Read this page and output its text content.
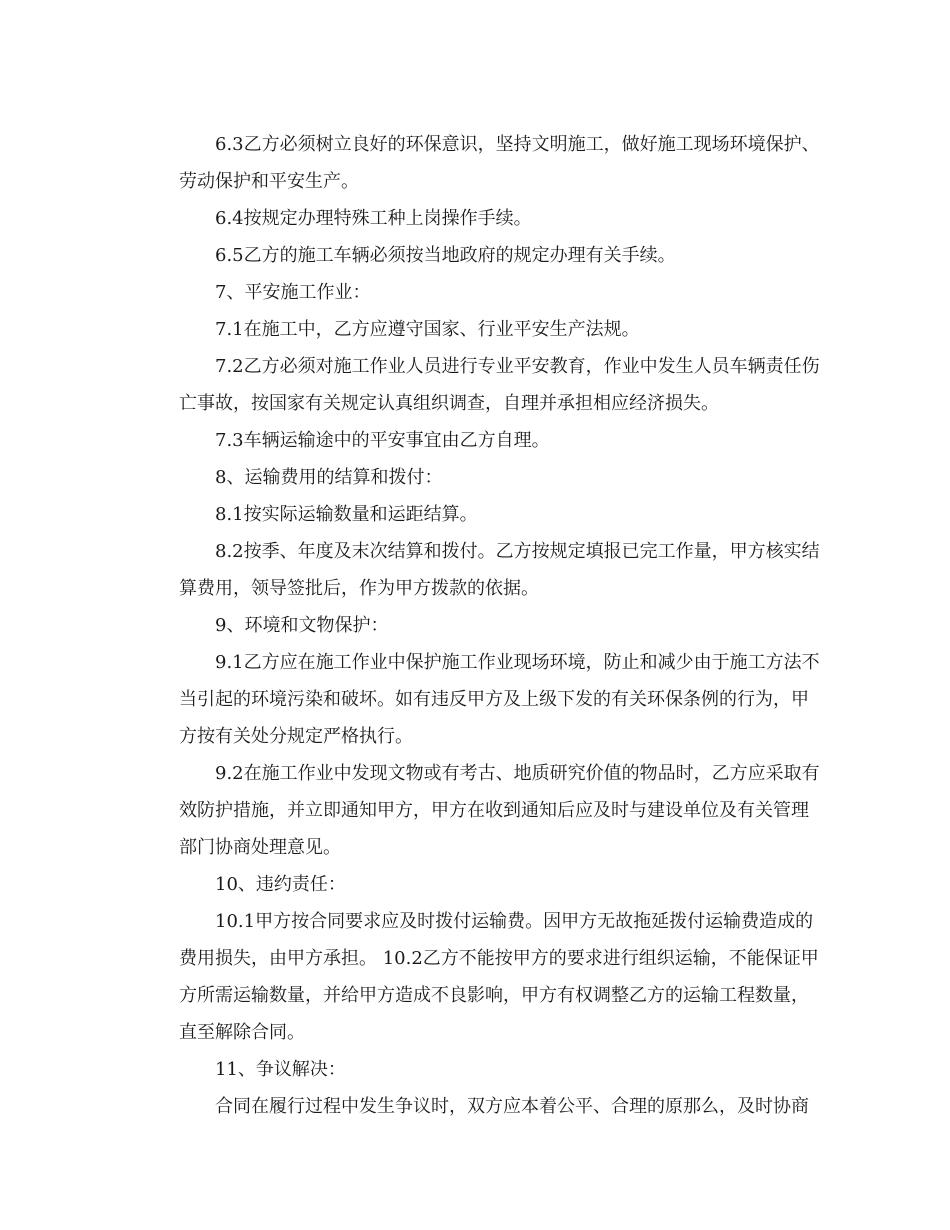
6.3乙方必须树立良好的环保意识，坚持文明施工，做好施工现场环境保护、
劳动保护和平安生产。
6.4按规定办理特殊工种上岗操作手续。
6.5乙方的施工车辆必须按当地政府的规定办理有关手续。
7、平安施工作业：
7.1在施工中，乙方应遵守国家、行业平安生产法规。
7.2乙方必须对施工作业人员进行专业平安教育，作业中发生人员车辆责任伤
亡事故，按国家有关规定认真组织调查，自理并承担相应经济损失。
7.3车辆运输途中的平安事宜由乙方自理。
8、运输费用的结算和拨付：
8.1按实际运输数量和运距结算。
8.2按季、年度及末次结算和拨付。乙方按规定填报已完工作量，甲方核实结
算费用，领导签批后，作为甲方拨款的依据。
9、环境和文物保护：
9.1乙方应在施工作业中保护施工作业现场环境，防止和减少由于施工方法不
当引起的环境污染和破坏。如有违反甲方及上级下发的有关环保条例的行为，甲
方按有关处分规定严格执行。
9.2在施工作业中发现文物或有考古、地质研究价值的物品时，乙方应采取有
效防护措施，并立即通知甲方，甲方在收到通知后应及时与建设单位及有关管理
部门协商处理意见。
10、违约责任：
10.1甲方按合同要求应及时拨付运输费。因甲方无故拖延拨付运输费造成的
费用损失，由甲方承担。 10.2乙方不能按甲方的要求进行组织运输，不能保证甲
方所需运输数量，并给甲方造成不良影响，甲方有权调整乙方的运输工程数量，
直至解除合同。
11、争议解决：
合同在履行过程中发生争议时，双方应本着公平、合理的原那么，及时协商
